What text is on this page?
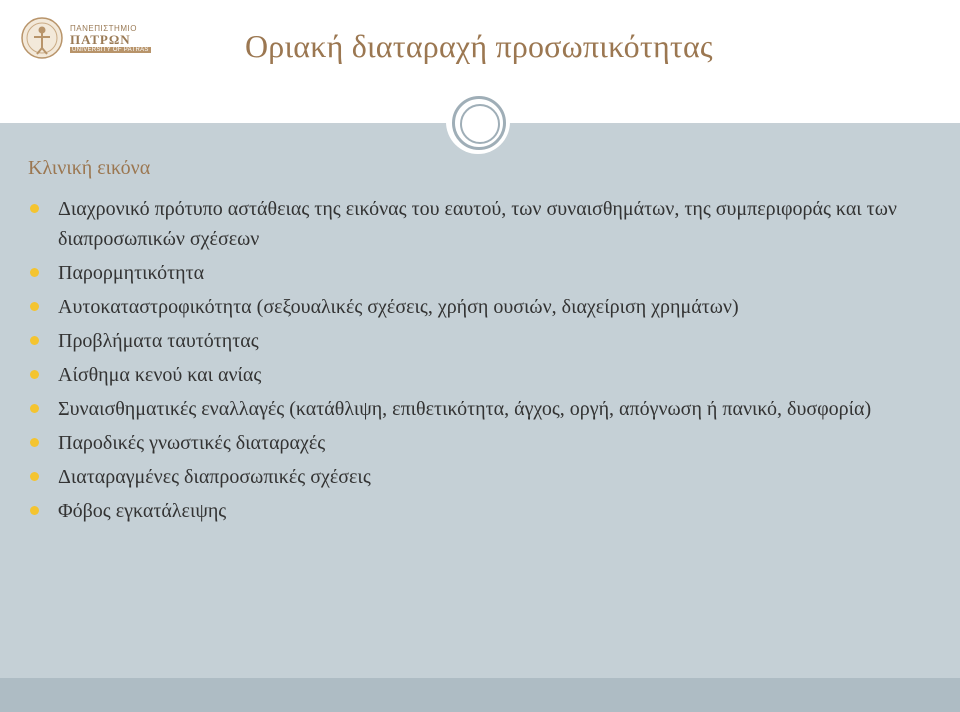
ΠΑΝΕΠΙΣΤΗΜΙΟ
ΠΑΤΡΩΝ
UNIVERSITY OF PATRAS	Οριακή διαταραχή προσωπικότητας
Κλινική εικόνα
Διαχρονικό πρότυπο αστάθειας της εικόνας του εαυτού, των συναισθημάτων, της συμπεριφοράς και των διαπροσωπικών σχέσεων
Παρορμητικότητα
Αυτοκαταστροφικότητα (σεξουαλικές σχέσεις, χρήση ουσιών, διαχείριση χρημάτων)
Προβλήματα ταυτότητας
Αίσθημα κενού και ανίας
Συναισθηματικές εναλλαγές (κατάθλιψη, επιθετικότητα, άγχος, οργή, απόγνωση ή πανικό, δυσφορία)
Παροδικές γνωστικές διαταραχές
Διαταραγμένες διαπροσωπικές σχέσεις
Φόβος εγκατάλειψης
